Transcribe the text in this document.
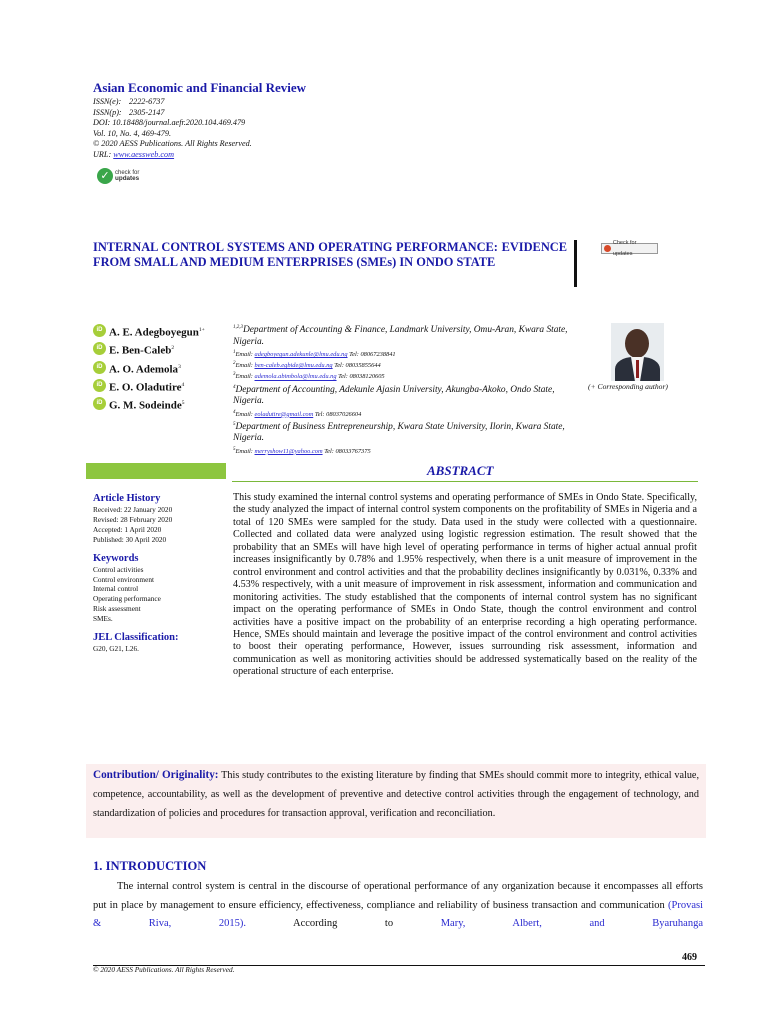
Asian Economic and Financial Review
ISSN(e): 2222-6737
ISSN(p): 2305-2147
DOI: 10.18488/journal.aefr.2020.104.469.479
Vol. 10, No. 4, 469-479.
© 2020 AESS Publications. All Rights Reserved.
URL: www.aessweb.com
✓ check for
updates
INTERNAL CONTROL SYSTEMS AND OPERATING PERFORMANCE: EVIDENCE FROM SMALL AND MEDIUM ENTERPRISES (SMEs) IN ONDO STATE
Check for updates
iD A. E. Adegboyegun$^{1+}$
iD E. Ben-Caleb$^2$
iD A. O. Ademola$^3$
iD E. O. Oladutire$^4$
iD G. M. Sodeinde$^5$

$^{1,2,3}$Department of Accounting & Finance, Landmark University, Omu-Aran, Kwara State, Nigeria.

$^1$Email: adegboyegun.adekunle@lmu.edu.ng Tel: 08067238841
$^2$Email: ben-caleb.egbide@lmu.edu.ng Tel: 08035855644
$^3$Email: ademola.abimbola@lmu.edu.ng Tel: 08038120605

$^4$Department of Accounting, Adekunle Ajasin University, Akungba-Akoko, Ondo State, Nigeria.

$^4$Email: eoladutire@gmail.com Tel: 08037026604

$^5$Department of Business Entrepreneurship, Kwara State University, Ilorin, Kwara State, Nigeria.

$^5$Email: merryshow11@yahoo.com Tel: 08033767375
(+ Corresponding author)
ABSTRACT
Article History
Received: 22 January 2020
Revised: 28 February 2020
Accepted: 1 April 2020
Published: 30 April 2020
Keywords
Control activities
Control environment
Internal control
Operating performance
Risk assessment
SMEs.
JEL Classification:
G20, G21, L26.
This study examined the internal control systems and operating performance of SMEs in Ondo State. Specifically, the study analyzed the impact of internal control system components on the profitability of SMEs in Nigeria and a total of 120 SMEs were sampled for the study. Data used in the study were collected with a questionnaire. Collected and collated data were analyzed using logistic regression estimation. The result showed that the probability that an SMEs will have high level of operating performance in terms of higher actual annual profit increases insignificantly by 0.78% and 1.95% respectively, when there is a unit measure of improvement in the control environment and control activities and that the probability declines insignificantly by 0.031%, 0.33% and 4.53% respectively, with a unit measure of improvement in risk assessment, information and communication and monitoring activities. The study established that the components of internal control system has no significant impact on the operating performance of SMEs in Ondo State, though the control environment and control activities have a positive impact on the probability of an enterprise recording a high operating performance. Hence, SMEs should maintain and leverage the positive impact of the control environment and control activities to boost their operating performance, However, issues surrounding risk assessment, information and communication as well as monitoring activities should be addressed systematically based on the reality of the operational structure of each enterprise.
Contribution/ Originality: This study contributes to the existing literature by finding that SMEs should commit more to integrity, ethical value, competence, accountability, as well as the development of preventive and detective control activities through the engagement of technology, and standardization of policies and procedures for transaction approval, verification and reconciliation.
1. INTRODUCTION
The internal control system is central in the discourse of operational performance of any organization because it encompasses all efforts put in place by management to ensure efficiency, effectiveness, compliance and reliability of business transaction and communication (Provasi & Riva, 2015).	According to	Mary, Albert, and Byaruhanga
469
© 2020 AESS Publications. All Rights Reserved.
